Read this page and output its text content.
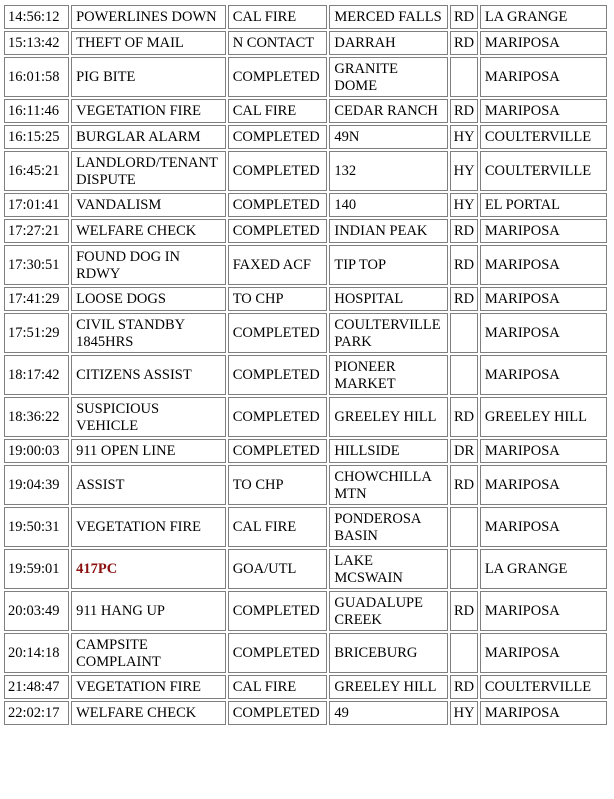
14:56:12	POWERLINES DOWN	CAL FIRE	MERCED FALLS	RD	LA GRANGE
15:13:42	THEFT OF MAIL	N CONTACT	DARRAH	RD	MARIPOSA
16:01:58	PIG BITE	COMPLETED	GRANITE DOME		MARIPOSA
16:11:46	VEGETATION FIRE	CAL FIRE	CEDAR RANCH	RD	MARIPOSA
16:15:25	BURGLAR ALARM	COMPLETED	49N	HY	COULTERVILLE
16:45:21	LANDLORD/TENANT DISPUTE	COMPLETED	132	HY	COULTERVILLE
17:01:41	VANDALISM	COMPLETED	140	HY	EL PORTAL
17:27:21	WELFARE CHECK	COMPLETED	INDIAN PEAK	RD	MARIPOSA
17:30:51	FOUND DOG IN RDWY	FAXED ACF	TIP TOP	RD	MARIPOSA
17:41:29	LOOSE DOGS	TO CHP	HOSPITAL	RD	MARIPOSA
17:51:29	CIVIL STANDBY 1845HRS	COMPLETED	COULTERVILLE PARK		MARIPOSA
18:17:42	CITIZENS ASSIST	COMPLETED	PIONEER MARKET		MARIPOSA
18:36:22	SUSPICIOUS VEHICLE	COMPLETED	GREELEY HILL	RD	GREELEY HILL
19:00:03	911 OPEN LINE	COMPLETED	HILLSIDE	DR	MARIPOSA
19:04:39	ASSIST	TO CHP	CHOWCHILLA MTN	RD	MARIPOSA
19:50:31	VEGETATION FIRE	CAL FIRE	PONDEROSA BASIN		MARIPOSA
19:59:01	417PC	GOA/UTL	LAKE MCSWAIN		LA GRANGE
20:03:49	911 HANG UP	COMPLETED	GUADALUPE CREEK	RD	MARIPOSA
20:14:18	CAMPSITE COMPLAINT	COMPLETED	BRICEBURG		MARIPOSA
21:48:47	VEGETATION FIRE	CAL FIRE	GREELEY HILL	RD	COULTERVILLE
22:02:17	WELFARE CHECK	COMPLETED	49	HY	MARIPOSA
